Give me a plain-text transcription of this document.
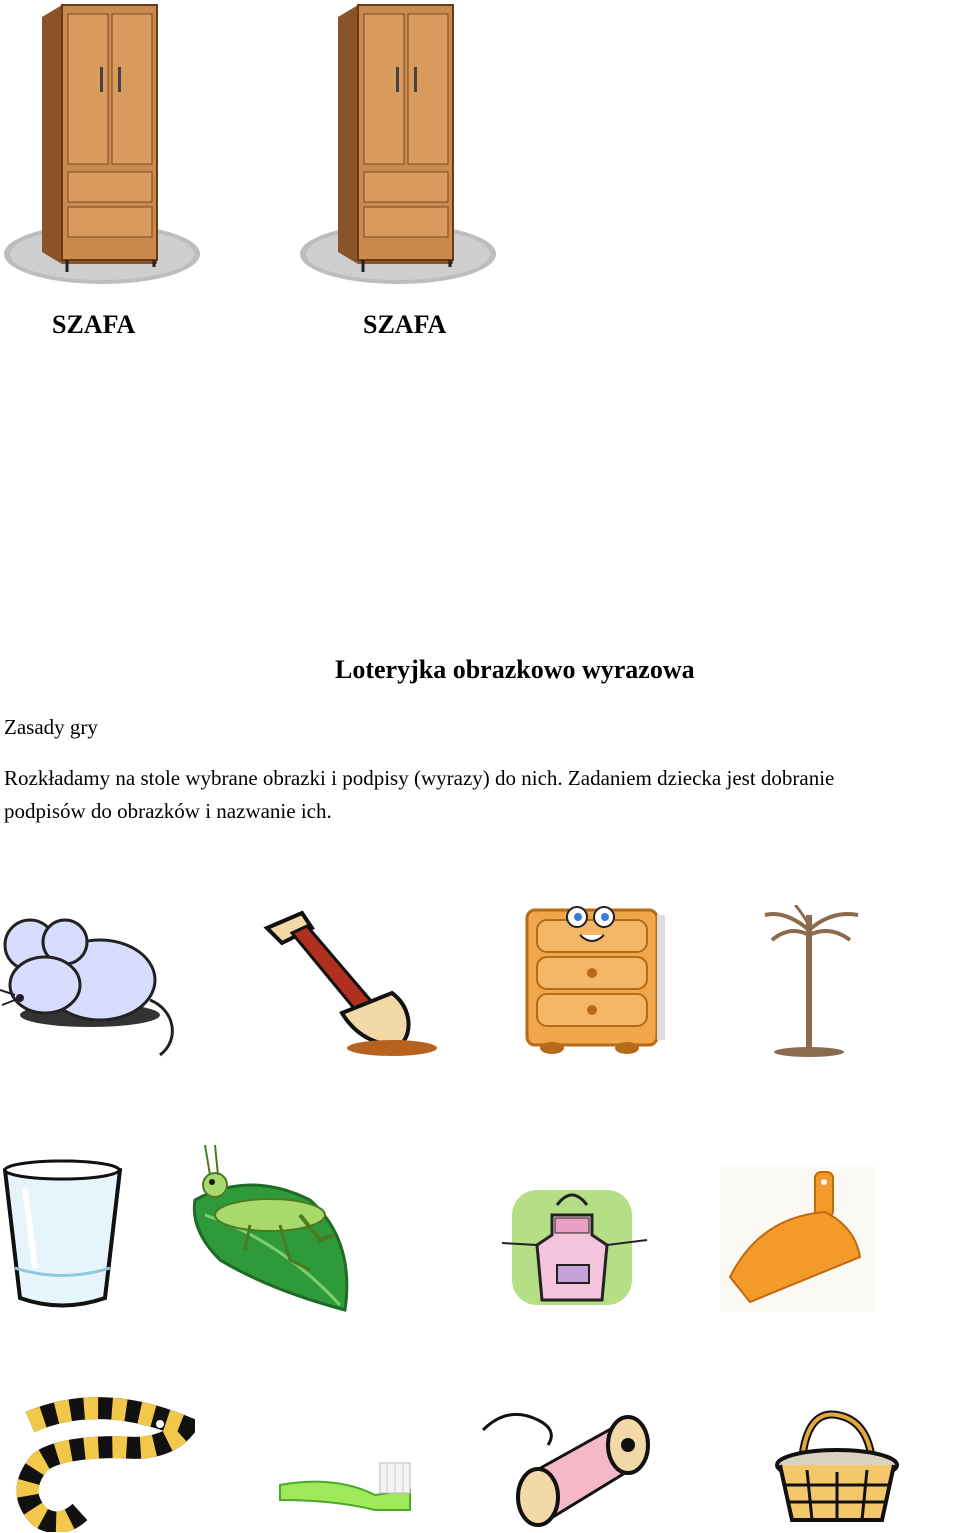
SZAFA	SZAFA
Loteryjka obrazkowo wyrazowa
Zasady gry
Rozkładamy na stole wybrane obrazki i podpisy (wyrazy) do nich. Zadaniem dziecka jest dobranie
podpisów do obrazków i nazwanie ich.
